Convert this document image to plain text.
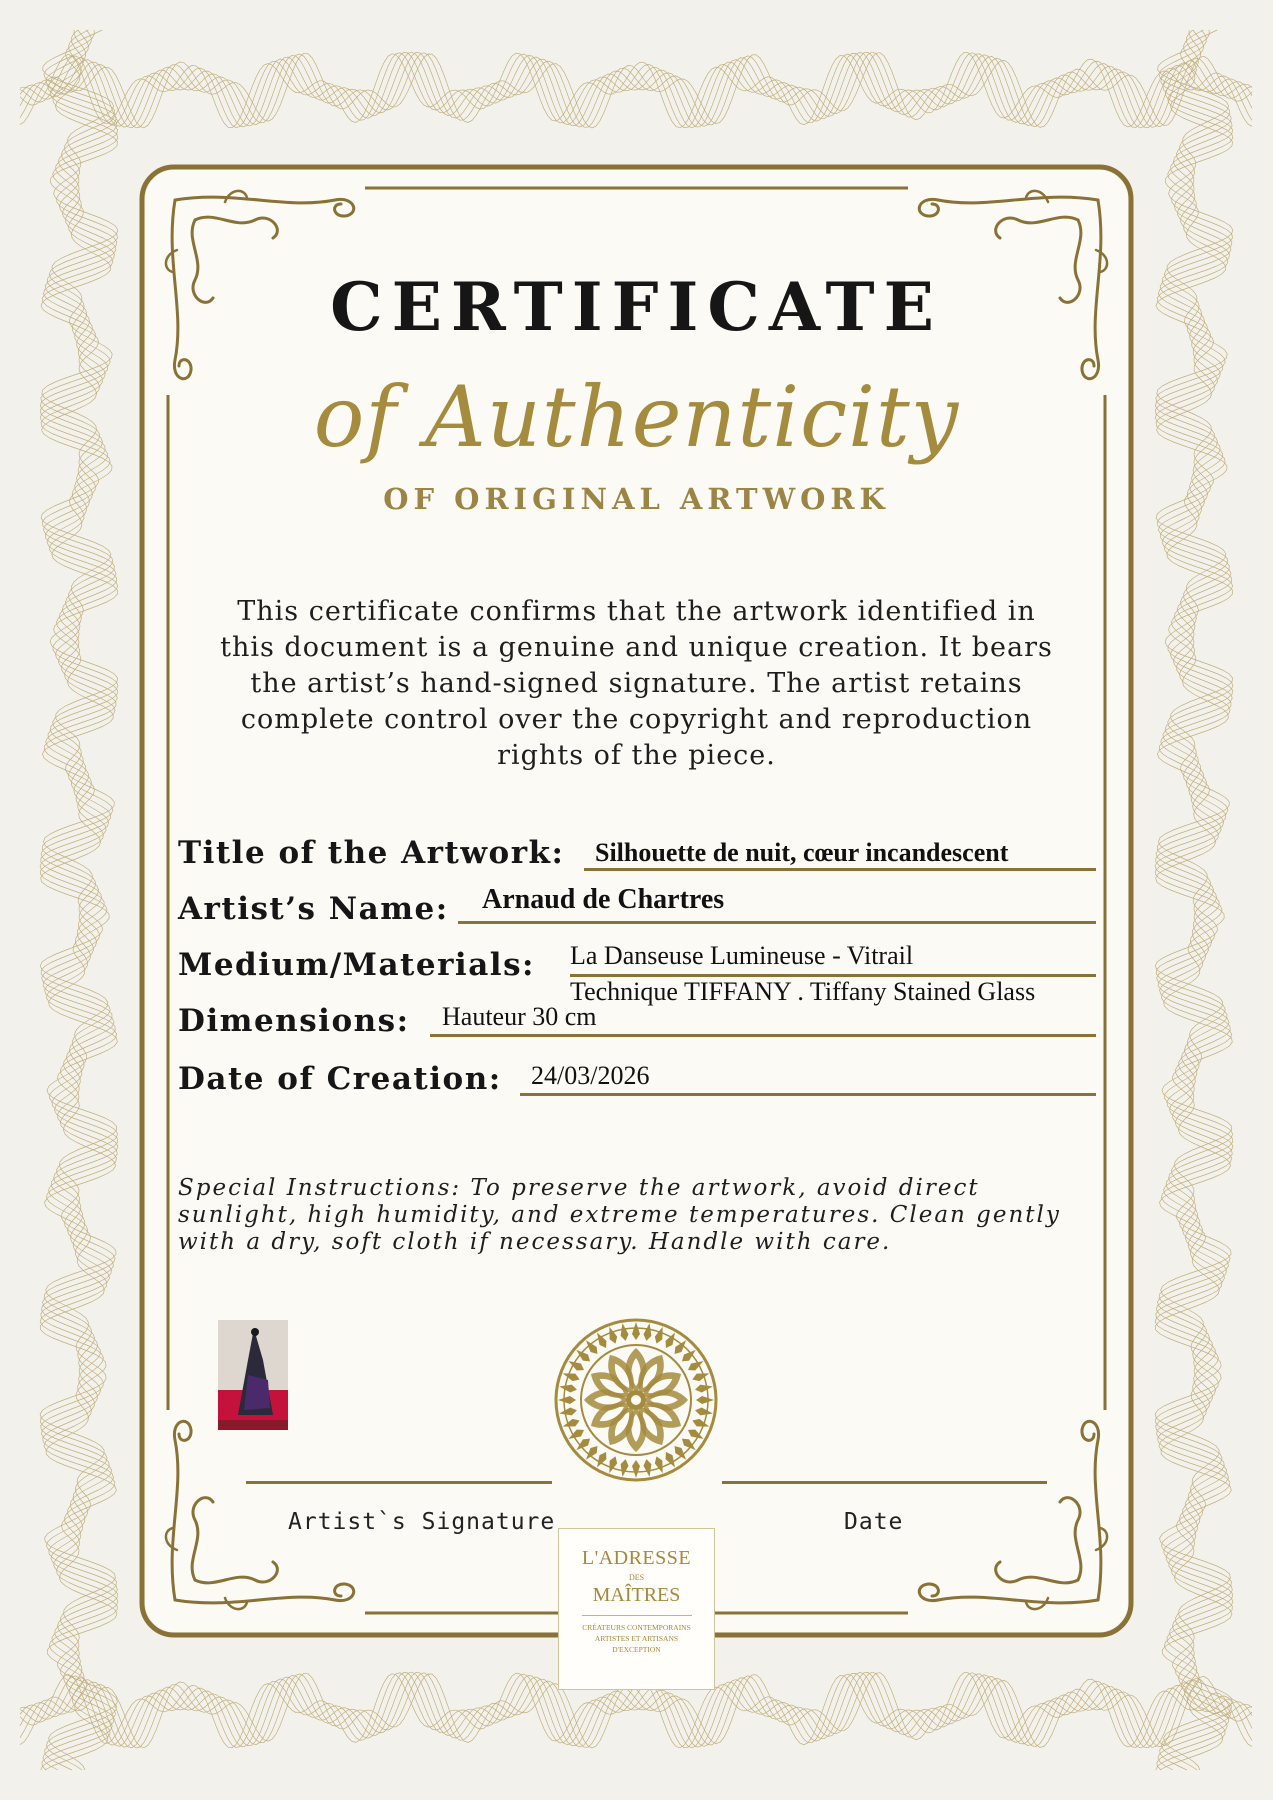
CERTIFICATE
of Authenticity
OF ORIGINAL ARTWORK
This certificate confirms that the artwork identified in
this document is a genuine and unique creation. It bears
the artist’s hand-signed signature. The artist retains
complete control over the copyright and reproduction
rights of the piece.
Title of the Artwork: Silhouette de nuit, cœur incandescent
Artist’s Name: Arnaud de Chartres
Medium/Materials: La Danseuse Lumineuse - Vitrail
Technique TIFFANY . Tiffany Stained Glass
Dimensions: Hauteur 30 cm
Date of Creation: 24/03/2026
Special Instructions: To preserve the artwork, avoid direct
sunlight, high humidity, and extreme temperatures. Clean gently
with a dry, soft cloth if necessary. Handle with care.
Artist`s Signature	Date
L'ADRESSE
DES
MAÎTRES
CRÉATEURS CONTEMPORAINS ARTISTES ET ARTISANS D'EXCEPTION
